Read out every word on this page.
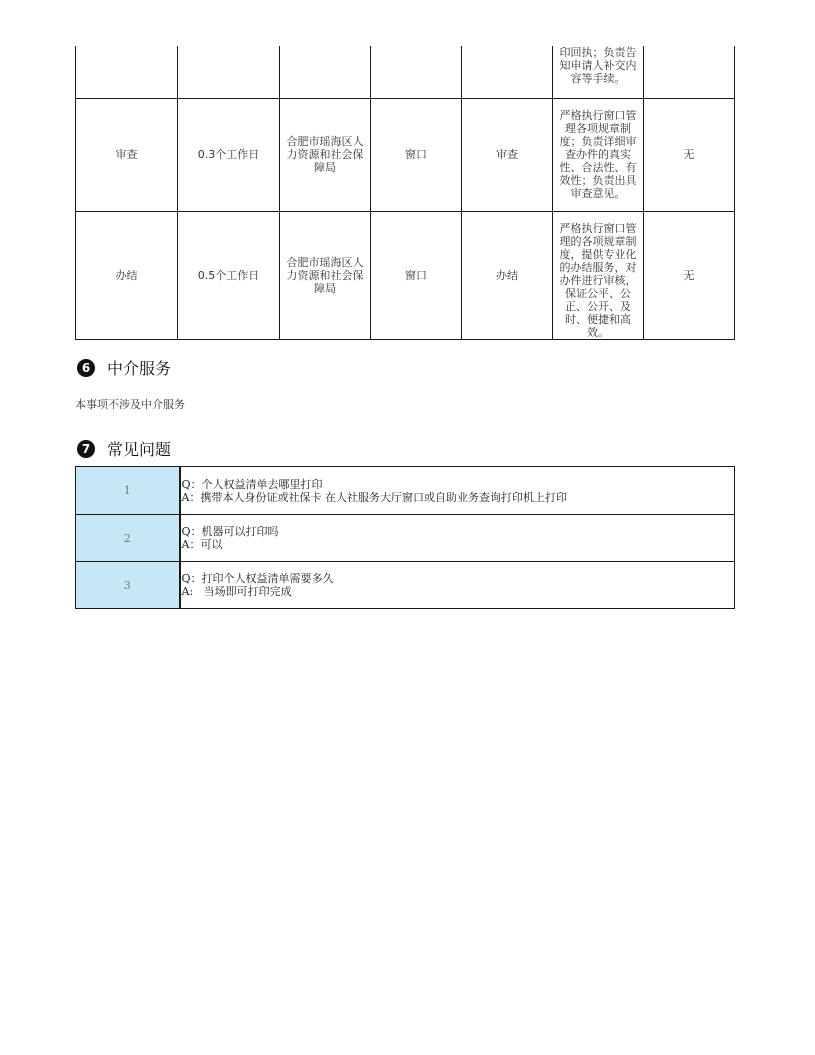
					印回执；负责告知申请人补交内容等手续。	
审查	0.3个工作日	合肥市瑶海区人力资源和社会保障局	窗口	审查	严格执行窗口管理各项规章制度；负责详细审查办件的真实性、合法性、有效性；负责出具审查意见。	无
办结	0.5个工作日	合肥市瑶海区人力资源和社会保障局	窗口	办结	严格执行窗口管理的各项规章制度，提供专业化的办结服务，对办件进行审核，保证公平、公正、公开、及时、便捷和高效。	无
6	中介服务
本事项不涉及中介服务
7	常见问题
1	Q：个人权益清单去哪里打印
A：携带本人身份证或社保卡 在人社服务大厅窗口或自助业务查询打印机上打印

2	Q：机器可以打印吗
A：可以

3	Q：打印个人权益清单需要多久
A:   当场即可打印完成
